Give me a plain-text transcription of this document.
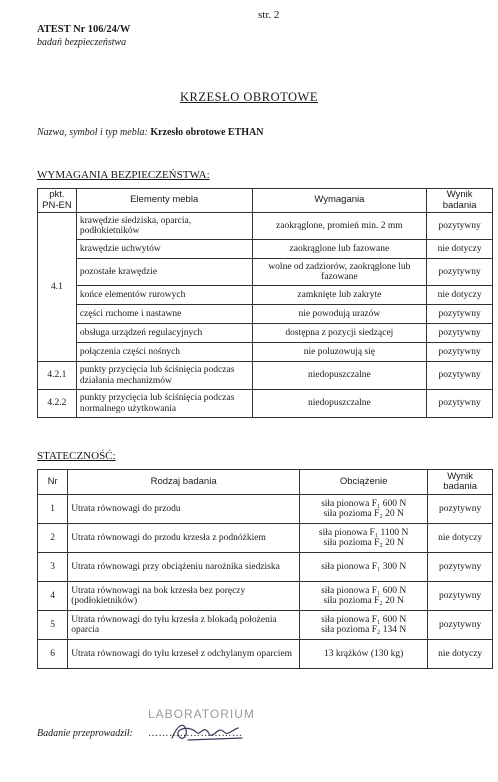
str. 2
ATEST Nr 106/24/W
badań bezpieczeństwa
KRZESŁO OBROTOWE
Nazwa, symbol i typ mebla: Krzesło obrotowe ETHAN
WYMAGANIA BEZPIECZEŃSTWA:
pkt. PN-EN	Elementy mebla	Wymagania	Wynik badania
4.1	krawędzie siedziska, oparcia, podłokietników	zaokrąglone, promień min. 2 mm	pozytywny
	krawędzie uchwytów	zaokrąglone lub fazowane	nie dotyczy
	pozostałe krawędzie	wolne od zadziorów, zaokrąglone lub fazowane	pozytywny
	końce elementów rurowych	zamknięte lub zakryte	nie dotyczy
	części ruchome i nastawne	nie powodują urazów	pozytywny
	obsługa urządzeń regulacyjnych	dostępna z pozycji siedzącej	pozytywny
	połączenia części nośnych	nie poluzowują się	pozytywny
4.2.1	punkty przycięcia lub ściśnięcia podczas działania mechanizmów	niedopuszczalne	pozytywny
4.2.2	punkty przycięcia lub ściśnięcia podczas normalnego użytkowania	niedopuszczalne	pozytywny
STATECZNOŚĆ:
Nr	Rodzaj badania	Obciążenie	Wynik badania
1	Utrata równowagi do przodu	siła pionowa F₁ 600 N
siła pozioma F₂ 20 N	pozytywny
2	Utrata równowagi do przodu krzesła z podnóżkiem	siła pionowa F₁ 1100 N
siła pozioma F₂ 20 N	nie dotyczy
3	Utrata równowagi przy obciążeniu narożnika siedziska	siła pionowa F₁ 300 N	pozytywny
4	Utrata równowagi na bok krzesła bez poręczy (podłokietników)	siła pionowa F₁ 600 N
siła pozioma F₂ 20 N	pozytywny
5	Utrata równowagi do tyłu krzesła z blokadą położenia oparcia	siła pionowa F₁ 600 N
siła pozioma F₂ 134 N	pozytywny
6	Utrata równowagi do tyłu krzeseł z odchylanym oparciem	13 krążków (130 kg)	nie dotyczy
LABORATORIUM
Badanie przeprowadził: ………………………
